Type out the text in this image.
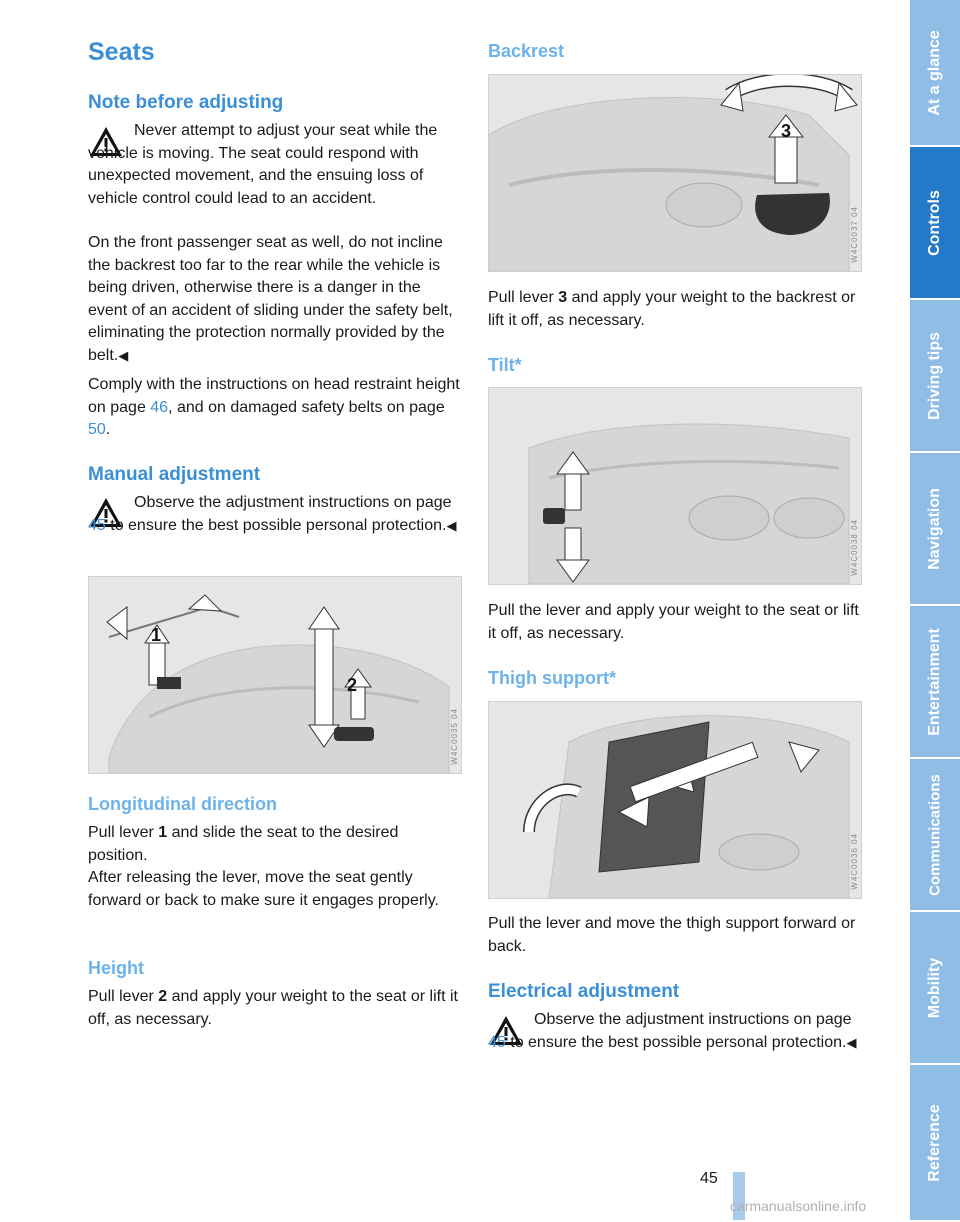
Seats
Note before adjusting

Never attempt to adjust your seat while the vehicle is moving. The seat could respond with unexpected movement, and the ensuing loss of vehicle control could lead to an accident.

On the front passenger seat as well, do not incline the backrest too far to the rear while the vehicle is being driven, otherwise there is a danger in the event of an accident of sliding under the safety belt, eliminating the protection normally provided by the belt.◀

Comply with the instructions on head restraint height on page 46, and on damaged safety belts on page 50.

Manual adjustment

Observe the adjustment instructions on page 45 to ensure the best possible personal protection.◀

1
2
W4C0035 04
Longitudinal direction

Pull lever 1 and slide the seat to the desired position.

After releasing the lever, move the seat gently forward or back to make sure it engages properly.

Height

Pull lever 2 and apply your weight to the seat or lift it off, as necessary.

Backrest
3
W4C0037 04

Pull lever 3 and apply your weight to the backrest or lift it off, as necessary.

Tilt*
W4C0038 04

Pull the lever and apply your weight to the seat or lift it off, as necessary.

Thigh support*
W4C0036 04

Pull the lever and move the thigh support forward or back.

Electrical adjustment

Observe the adjustment instructions on page 45 to ensure the best possible personal protection.◀

At a glance
Controls
Driving tips
Navigation
Entertainment
Communications
Mobility
Reference
45
carmanualsonline.info
